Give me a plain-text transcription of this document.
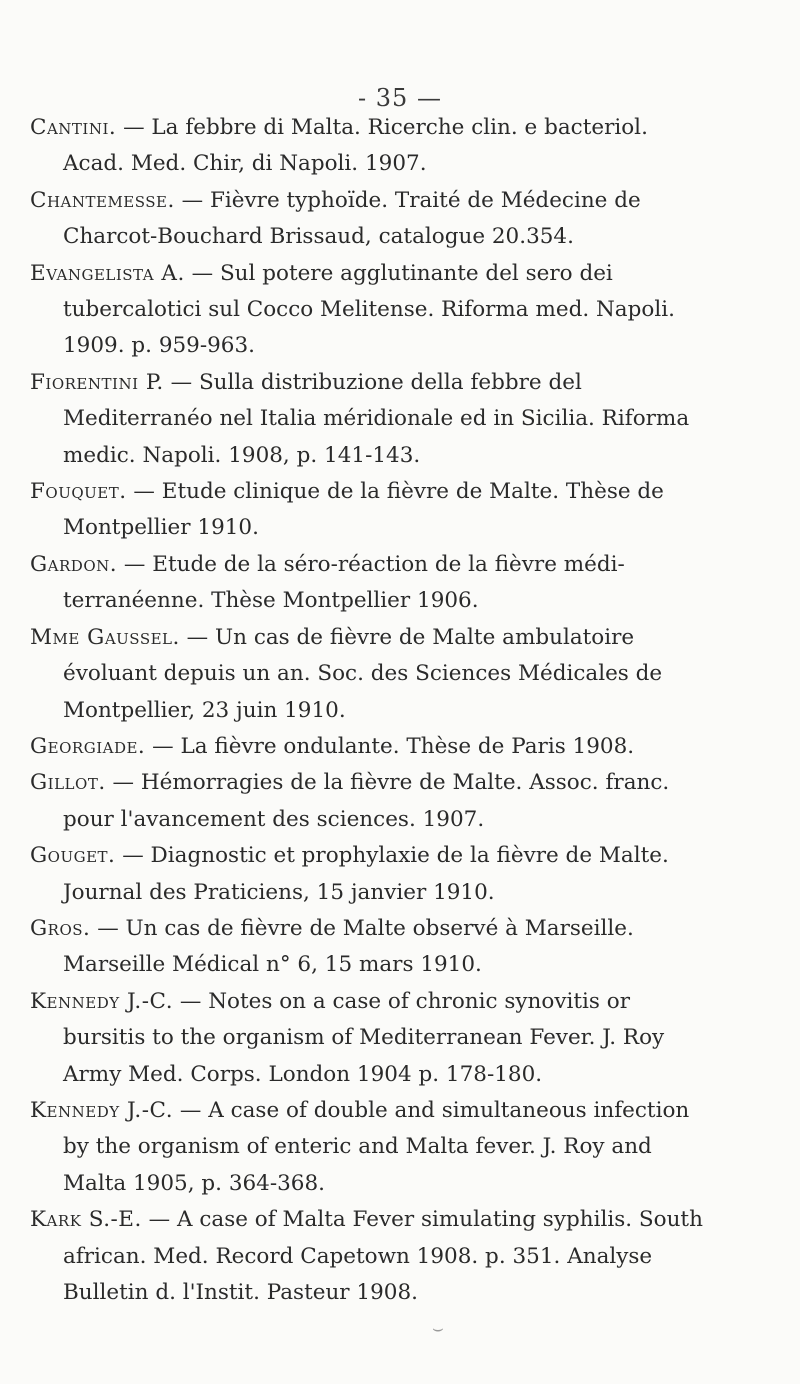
- 35 —

Cantini. — La febbre di Malta. Ricerche clin. e bacteriol. Acad. Med. Chir, di Napoli. 1907.

Chantemesse. — Fièvre typhoïde. Traité de Médecine de Charcot-Bouchard Brissaud, catalogue 20.354.

Evangelista A. — Sul potere agglutinante del sero dei tubercalotici sul Cocco Melitense. Riforma med. Napoli. 1909. p. 959-963.

Fiorentini P. — Sulla distribuzione della febbre del Mediterranéo nel Italia méridionale ed in Sicilia. Riforma medic. Napoli. 1908, p. 141-143.

Fouquet. — Etude clinique de la fièvre de Malte. Thèse de Montpellier 1910.

Gardon. — Etude de la séro-réaction de la fièvre médi- terranéenne. Thèse Montpellier 1906.

Mme Gaussel. — Un cas de fièvre de Malte ambulatoire évoluant depuis un an. Soc. des Sciences Médicales de Montpellier, 23 juin 1910.

Georgiade. — La fièvre ondulante. Thèse de Paris 1908.

Gillot. — Hémorragies de la fièvre de Malte. Assoc. franc. pour l'avancement des sciences. 1907.

Gouget. — Diagnostic et prophylaxie de la fièvre de Malte. Journal des Praticiens, 15 janvier 1910.

Gros. — Un cas de fièvre de Malte observé à Marseille. Marseille Médical n° 6, 15 mars 1910.

Kennedy J.-C. — Notes on a case of chronic synovitis or bursitis to the organism of Mediterranean Fever. J. Roy Army Med. Corps. London 1904 p. 178-180.

Kennedy J.-C. — A case of double and simultaneous infection by the organism of enteric and Malta fever. J. Roy and Malta 1905, p. 364-368.

Kark S.-E. — A case of Malta Fever simulating syphilis. South african. Med. Record Capetown 1908. p. 351. Analyse Bulletin d. l'Instit. Pasteur 1908.

⌣
